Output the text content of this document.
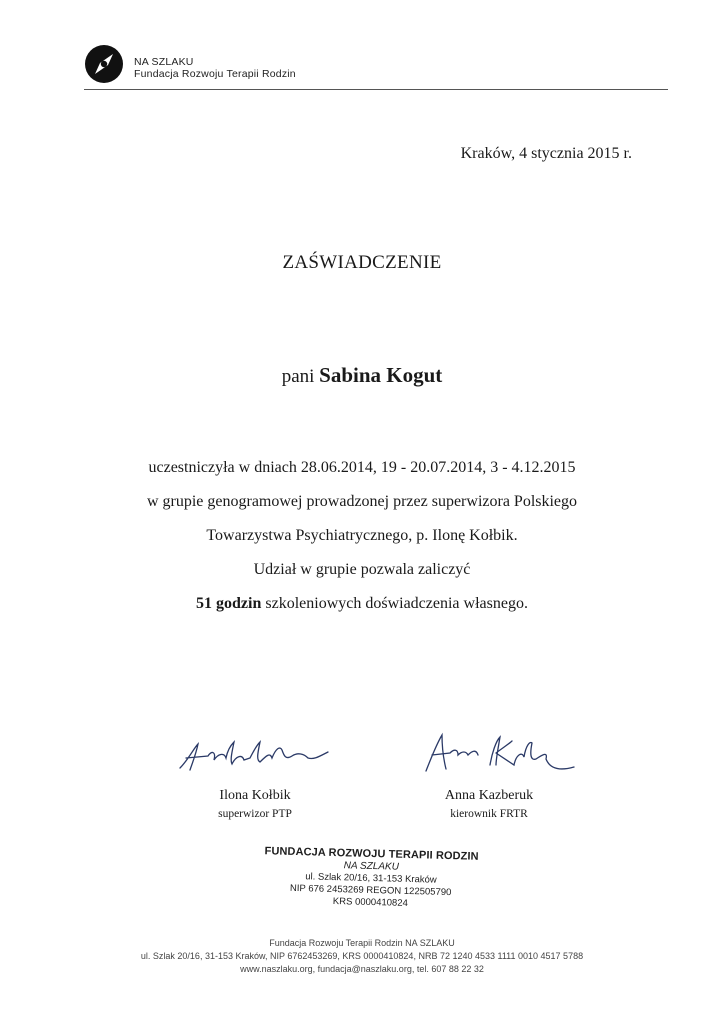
NA SZLAKU
Fundacja Rozwoju Terapii Rodzin
Kraków, 4 stycznia 2015 r.
ZAŚWIADCZENIE
pani Sabina Kogut

uczestniczyła w dniach 28.06.2014, 19 - 20.07.2014, 3 - 4.12.2015

w grupie genogramowej prowadzonej przez superwizora Polskiego

Towarzystwa Psychiatrycznego, p. Ilonę Kołbik.

Udział w grupie pozwala zaliczyć

51 godzin szkoleniowych doświadczenia własnego.

Ilona Kołbik
superwizor PTP
Anna Kazberuk
kierownik FRTR
FUNDACJA ROZWOJU TERAPII RODZIN
NA SZLAKU
ul. Szlak 20/16, 31-153 Kraków
NIP 676 2453269 REGON 122505790
KRS 0000410824
Fundacja Rozwoju Terapii Rodzin NA SZLAKU
ul. Szlak 20/16, 31-153 Kraków, NIP 6762453269, KRS 0000410824, NRB 72 1240 4533 1111 0010 4517 5788
www.naszlaku.org, fundacja@naszlaku.org, tel. 607 88 22 32
